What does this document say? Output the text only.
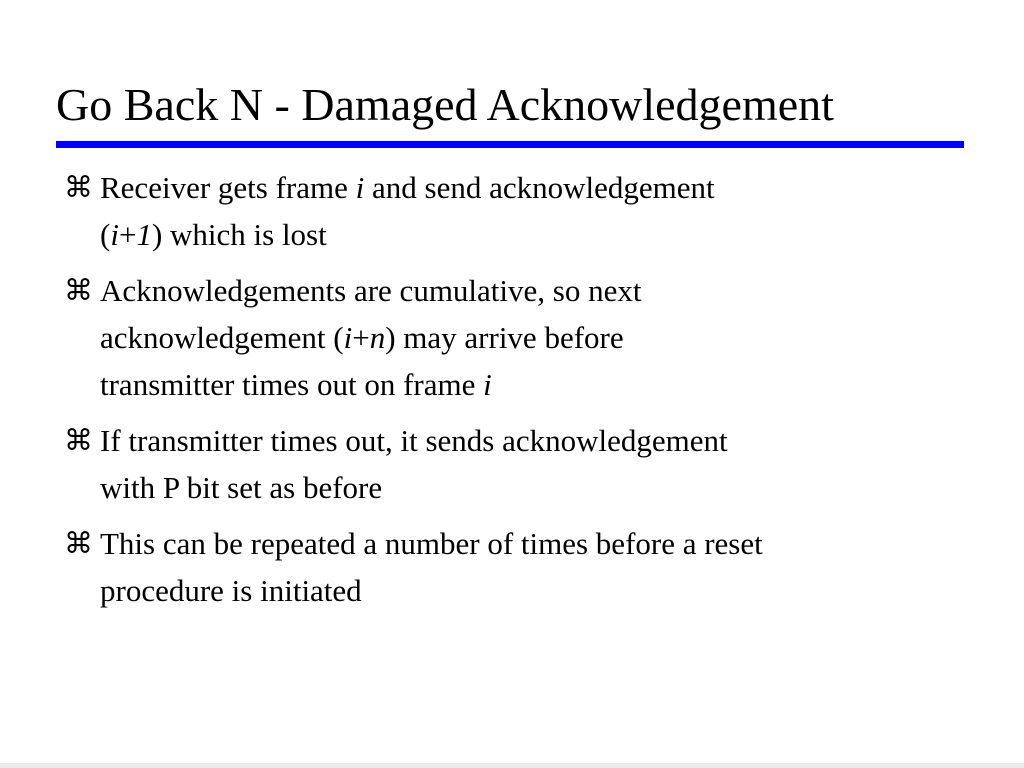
Go Back N - Damaged Acknowledgement
⌘ Receiver gets frame i and send acknowledgement
(i+1) which is lost
⌘ Acknowledgements are cumulative, so next
acknowledgement (i+n) may arrive before
transmitter times out on frame i
⌘ If transmitter times out, it sends acknowledgement
with P bit set as before
⌘ This can be repeated a number of times before a reset
procedure is initiated
